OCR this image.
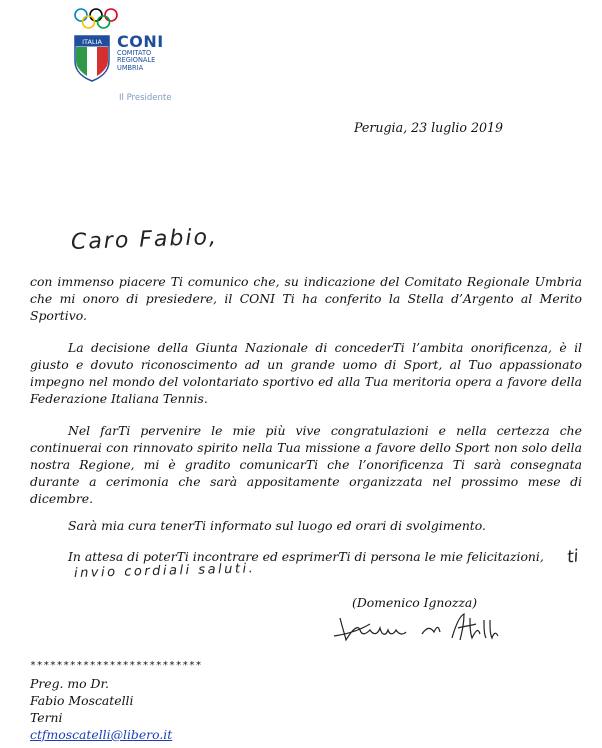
ITALIA CONI
COMITATO
REGIONALE
UMBRIA
Il Presidente
Perugia, 23 luglio 2019
Caro Fabio,
con immenso piacere Ti comunico che, su indicazione del Comitato Regionale Umbria che mi onoro di presiedere, il CONI Ti ha conferito la Stella d’Argento al Merito Sportivo.
La decisione della Giunta Nazionale di concederTi l’ambita onorificenza, è il giusto e dovuto riconoscimento ad un grande uomo di Sport, al Tuo appassionato impegno nel mondo del volontariato sportivo ed alla Tua meritoria opera a favore della Federazione Italiana Tennis.
Nel farTi pervenire le mie più vive congratulazioni e nella certezza che continuerai con rinnovato spirito nella Tua missione a favore dello Sport non solo della nostra Regione, mi è gradito comunicarTi che l’onorificenza Ti sarà consegnata durante a cerimonia che sarà appositamente organizzata nel prossimo mese di dicembre.
Sarà mia cura tenerTi informato sul luogo ed orari di svolgimento.
In attesa di poterTi incontrare ed esprimerTi di persona le mie felicitazioni,	ti
invio cordiali saluti.
(Domenico Ignozza)
**************************
Preg. mo Dr.
Fabio Moscatelli
Terni
ctfmoscatelli@libero.it
